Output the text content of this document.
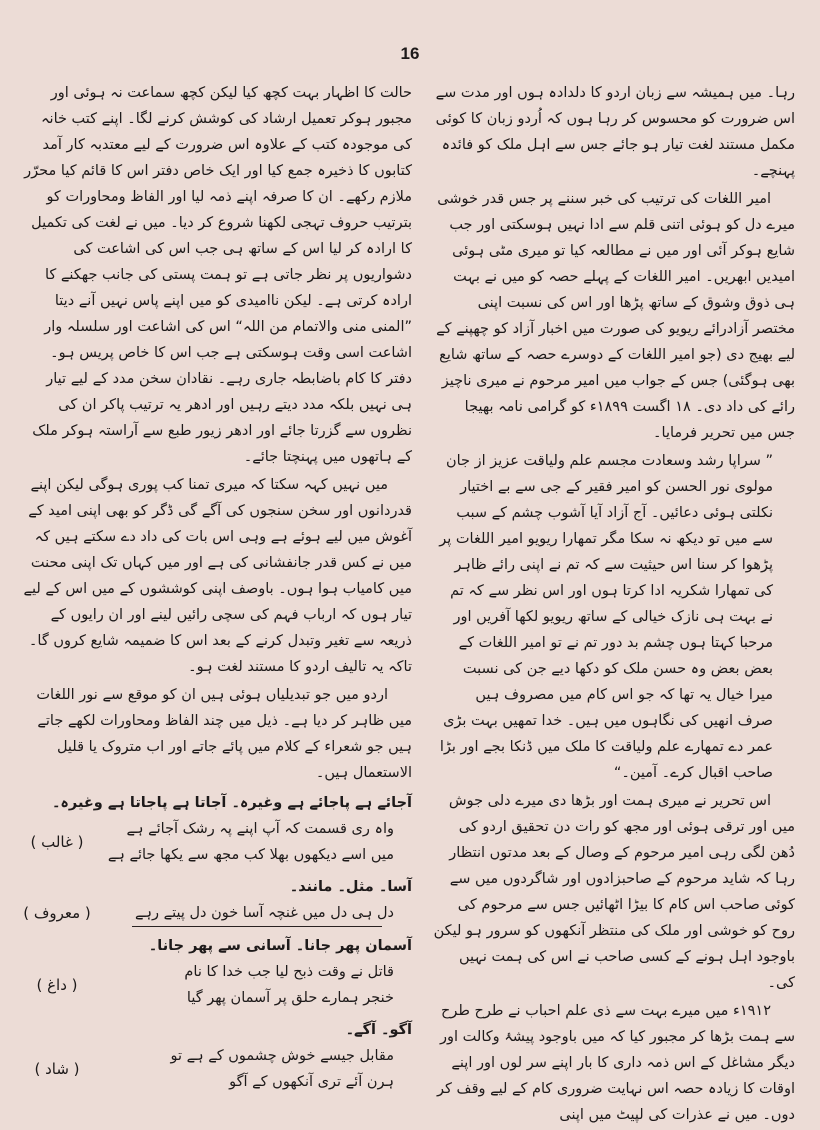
16

رہا۔ میں ہمیشہ سے زبان اردو کا دلدادہ ہوں اور مدت سے اس ضرورت کو محسوس کر رہا ہوں کہ اُردو زبان کا کوئی مکمل مستند لغت تیار ہو جائے جس سے اہل ملک کو فائدہ پہنچے۔

امیر اللغات کی ترتیب کی خبر سننے پر جس قدر خوشی میرے دل کو ہوئی اتنی قلم سے ادا نہیں ہوسکتی اور جب شایع ہوکر آئی اور میں نے مطالعہ کیا تو میری مٹی ہوئی امیدیں ابھریں۔ امیر اللغات کے پہلے حصہ کو میں نے بہت ہی ذوق وشوق کے ساتھ پڑھا اور اس کی نسبت اپنی مختصر آزادرائے ریویو کی صورت میں اخبار آزاد کو چھپنے کے لیے بھیج دی (جو امیر اللغات کے دوسرے حصہ کے ساتھ شایع بھی ہوگئی) جس کے جواب میں امیر مرحوم نے میری ناچیز رائے کی داد دی۔ ۱۸ اگست ۱۸۹۹ء کو گرامی نامہ بھیجا جس میں تحریر فرمایا۔

” سراپا رشد وسعادت مجسم علم ولیاقت عزیز از جان مولوی نور الحسن کو امیر فقیر کے جی سے بے اختیار نکلتی ہوئی دعائیں۔ آج آزاد آیا آشوب چشم کے سبب سے میں تو دیکھ نہ سکا مگر تمھارا ریویو امیر اللغات پر پڑھوا کر سنا اس حیثیت سے کہ تم نے اپنی رائے ظاہر کی تمھارا شکریہ ادا کرتا ہوں اور اس نظر سے کہ تم نے بہت ہی نازک خیالی کے ساتھ ریویو لکھا آفریں اور مرحبا کہتا ہوں چشم بد دور تم نے تو امیر اللغات کے بعض بعض وہ حسن ملک کو دکھا دیے جن کی نسبت میرا خیال یہ تھا کہ جو اس کام میں مصروف ہیں صرف انھیں کی نگاہوں میں ہیں۔ خدا تمھیں بہت بڑی عمر دے تمھارے علم ولیاقت کا ملک میں ڈنکا بجے اور بڑا صاحب اقبال کرے۔ آمین۔“

اس تحریر نے میری ہمت اور بڑھا دی میرے دلی جوش میں اور ترقی ہوئی اور مجھ کو رات دن تحقیق اردو کی دُھن لگی رہی امیر مرحوم کے وصال کے بعد مدتوں انتظار رہا کہ شاید مرحوم کے صاحبزادوں اور شاگردوں میں سے کوئی صاحب اس کام کا بیڑا اٹھائیں جس سے مرحوم کی روح کو خوشی اور ملک کی منتظر آنکھوں کو سرور ہو لیکن باوجود اہل ہونے کے کسی صاحب نے اس کی ہمت نہیں کی۔

۱۹۱۲ء میں میرے بہت سے ذی علم احباب نے طرح طرح سے ہمت بڑھا کر مجبور کیا کہ میں باوجود پیشۂ وکالت اور دیگر مشاغل کے اس ذمہ داری کا بار اپنے سر لوں اور اپنے اوقات کا زیادہ حصہ اس نہایت ضروری کام کے لیے وقف کر دوں۔ میں نے عذرات کی لپیٹ میں اپنی

حالت کا اظہار بہت کچھ کیا لیکن کچھ سماعت نہ ہوئی اور مجبور ہوکر تعمیل ارشاد کی کوشش کرنے لگا۔ اپنے کتب خانہ کی موجودہ کتب کے علاوہ اس ضرورت کے لیے معتدبہ کار آمد کتابوں کا ذخیرہ جمع کیا اور ایک خاص دفتر اس کا قائم کیا محرّر ملازم رکھے۔ ان کا صرفہ اپنے ذمہ لیا اور الفاظ ومحاورات کو بترتیب حروف تہجی لکھنا شروع کر دیا۔ میں نے لغت کی تکمیل کا ارادہ کر لیا اس کے ساتھ ہی جب اس کی اشاعت کی دشواریوں پر نظر جاتی ہے تو ہمت پستی کی جانب جھکنے کا ارادہ کرتی ہے۔ لیکن ناامیدی کو میں اپنے پاس نہیں آنے دیتا ”المنی منی والاتمام من اللہ“ اس کی اشاعت اور سلسلہ وار اشاعت اسی وقت ہوسکتی ہے جب اس کا خاص پریس ہو۔ دفتر کا کام باضابطہ جاری رہے۔ نقادان سخن مدد کے لیے تیار ہی نہیں بلکہ مدد دیتے رہیں اور ادھر یہ ترتیب پاکر ان کی نظروں سے گزرتا جائے اور ادھر زیور طبع سے آراستہ ہوکر ملک کے ہاتھوں میں پہنچتا جائے۔

میں نہیں کہہ سکتا کہ میری تمنا کب پوری ہوگی لیکن اپنے قدردانوں اور سخن سنجوں کی آگے گی ڈگر کو بھی اپنی امید کے آغوش میں لیے ہوئے ہے وہی اس بات کی داد دے سکتے ہیں کہ میں نے کس قدر جانفشانی کی ہے اور میں کہاں تک اپنی محنت میں کامیاب ہوا ہوں۔ باوصف اپنی کوششوں کے میں اس کے لیے تیار ہوں کہ ارباب فہم کی سچی رائیں لینے اور ان رایوں کے ذریعہ سے تغیر وتبدل کرنے کے بعد اس کا ضمیمہ شایع کروں گا۔ تاکہ یہ تالیف اردو کا مستند لغت ہو۔

اردو میں جو تبدیلیاں ہوئی ہیں ان کو موقع سے نور اللغات میں ظاہر کر دیا ہے۔ ذیل میں چند الفاظ ومحاورات لکھے جاتے ہیں جو شعراء کے کلام میں پائے جاتے اور اب متروک یا قلیل الاستعمال ہیں۔

آجائے ہے پاجائے ہے وغیرہ۔ آجاتا ہے پاجاتا ہے وغیرہ۔
واہ ری قسمت کہ آپ اپنے پہ رشک آجائے ہے
میں اسے دیکھوں بھلا کب مجھ سے یکھا جائے ہے
( غالب )
آسا۔ مثل۔ مانند۔
دل ہی دل میں غنچہ آسا خون دل پیتے رہے
( معروف )
آسمان پھر جانا۔ آسانی سے پھر جانا۔
قاتل نے وقت ذبح لیا جب خدا کا نام
خنجر ہمارے حلق پر آسمان پھر گیا
( داغ )
آگو۔ آگے۔
مقابل جیسے خوش چشموں کے ہے تو
ہرن آئے تری آنکھوں کے آگو
( شاد )
